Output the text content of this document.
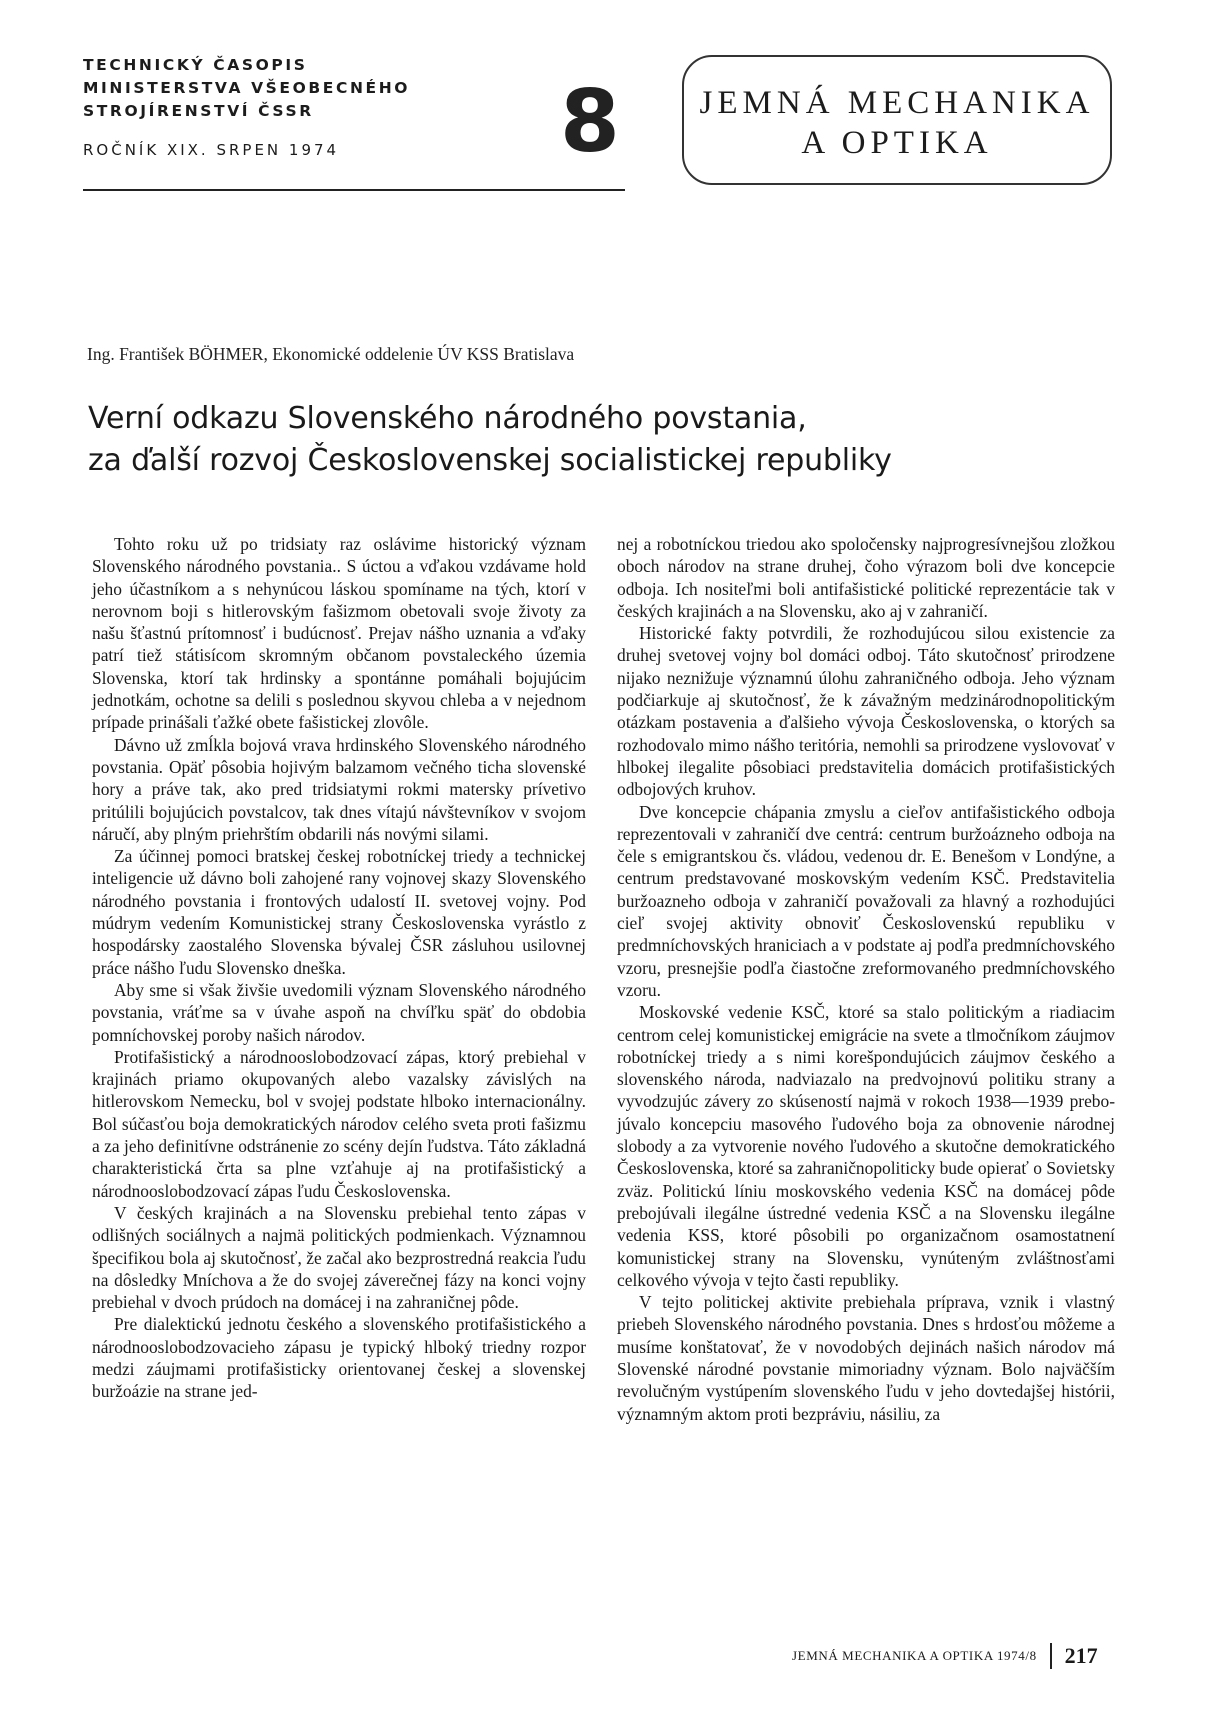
TECHNICKÝ ČASOPIS
MINISTERSTVA VŠEOBECNÉHO
STROJÍRENSTVÍ ČSSR
ROČNÍK XIX. SRPEN 1974	8	JEMNÁ MECHANIKA
A OPTIKA
Ing. František BÖHMER, Ekonomické oddelenie ÚV KSS Bratislava
Verní odkazu Slovenského národného povstania,
za ďalší rozvoj Československej socialistickej republiky

Tohto roku už po tridsiaty raz oslávime historický význam Slovenského národného povstania.. S úctou a vďakou vzdávame hold jeho účastníkom a s nehynúcou láskou spomíname na tých, ktorí v nerovnom boji s hitlerovským fašizmom obetovali svoje životy za našu šťastnú prítomnosť i budúcnosť. Prejav nášho uznania a vďaky patrí tiež státisícom skromným občanom povstaleckého územia Slovenska, ktorí tak hrdinsky a spontánne pomáhali bojujúcim jednotkám, ochotne sa delili s poslednou skyvou chleba a v nejednom prípade prinášali ťažké obete fašistickej zlovôle.

Dávno už zmĺkla bojová vrava hrdinského Slovenského národného povstania. Opäť pôsobia hojivým balzamom večného ticha slovenské hory a práve tak, ako pred tridsiatymi rokmi matersky prívetivo pritúlili bojujúcich povstalcov, tak dnes vítajú návštevníkov v svojom náručí, aby plným priehrštím obdarili nás novými silami.

Za účinnej pomoci bratskej českej robotníckej triedy a technickej inteligencie už dávno boli zahojené rany vojnovej skazy Slovenského národného povstania i frontových udalostí II. svetovej vojny. Pod múdrym vedením Komunistickej strany Československa vyrástlo z hospodársky zaostalého Slovenska bývalej ČSR zásluhou usilovnej práce nášho ľudu Slovensko dneška.

Aby sme si však živšie uvedomili význam Slovenského národného povstania, vráťme sa v úvahe aspoň na chvíľku späť do obdobia pomníchovskej poroby našich národov.

Protifašistický a národnooslobodzovací zápas, ktorý prebiehal v krajinách priamo okupovaných alebo vazalsky závislých na hitlerovskom Nemecku, bol v svojej podstate hlboko internacionálny. Bol súčasťou boja demokratických národov celého sveta proti fašizmu a za jeho definitívne odstránenie zo scény dejín ľudstva. Táto základná charakteristická črta sa plne vzťahuje aj na protifašistický a národnooslobodzovací zápas ľudu Československa.

V českých krajinách a na Slovensku prebiehal tento zápas v odlišných sociálnych a najmä politických podmienkach. Významnou špecifikou bola aj skutočnosť, že začal ako bezprostredná reakcia ľudu na dôsledky Mníchova a že do svojej záverečnej fázy na konci vojny prebiehal v dvoch prúdoch na domácej i na zahraničnej pôde.

Pre dialektickú jednotu českého a slovenského protifašistického a národnooslobodzovacieho zápasu je typický hlboký triedny rozpor medzi záujmami protifašisticky orientovanej českej a slovenskej buržoázie na strane jed-

nej a robotníckou triedou ako spoločensky najprogresívnejšou zložkou oboch národov na strane druhej, čoho výrazom boli dve koncepcie odboja. Ich nositeľmi boli antifašistické politické reprezentácie tak v českých krajinách a na Slovensku, ako aj v zahraničí.

Historické fakty potvrdili, že rozhodujúcou silou existencie za druhej svetovej vojny bol domáci odboj. Táto skutočnosť prirodzene nijako neznižuje významnú úlohu zahraničného odboja. Jeho význam podčiarkuje aj skutočnosť, že k závažným medzinárodnopolitickým otázkam postavenia a ďalšieho vývoja Československa, o ktorých sa rozhodovalo mimo nášho teritória, nemohli sa prirodzene vyslovovať v hlbokej ilegalite pôsobiaci predstavitelia domácich protifašistických odbojových kruhov.

Dve koncepcie chápania zmyslu a cieľov antifašistického odboja reprezentovali v zahraničí dve centrá: centrum buržoázneho odboja na čele s emigrantskou čs. vládou, vedenou dr. E. Benešom v Londýne, a centrum predstavované moskovským vedením KSČ. Predstavitelia buržoazneho odboja v zahraničí považovali za hlavný a rozhodujúci cieľ svojej aktivity obnoviť Československú republiku v predmníchovských hraniciach a v podstate aj podľa predmníchovského vzoru, presnejšie podľa čiastočne zreformovaného predmníchovského vzoru.

Moskovské vedenie KSČ, ktoré sa stalo politickým a riadiacim centrom celej komunistickej emigrácie na svete a tlmočníkom záujmov robotníckej triedy a s nimi korešpondujúcich záujmov českého a slovenského národa, nadviazalo na predvojnovú politiku strany a vyvodzujúc závery zo skúseností najmä v rokoch 1938—1939 prebojúvalo koncepciu masového ľudového boja za obnovenie národnej slobody a za vytvorenie nového ľudového a skutočne demokratického Československa, ktoré sa zahraničnopoliticky bude opierať o Sovietsky zväz. Politickú líniu moskovského vedenia KSČ na domácej pôde prebojúvali ilegálne ústredné vedenia KSČ a na Slovensku ilegálne vedenia KSS, ktoré pôsobili po organizačnom osamostatnení komunistickej strany na Slovensku, vynúteným zvláštnosťami celkového vývoja v tejto časti republiky.

V tejto politickej aktivite prebiehala príprava, vznik i vlastný priebeh Slovenského národného povstania. Dnes s hrdosťou môžeme a musíme konštatovať, že v novodobých dejinách našich národov má Slovenské národné povstanie mimoriadny význam. Bolo najväčším revolučným vystúpením slovenského ľudu v jeho dovtedajšej histórii, významným aktom proti bezpráviu, násiliu, za

JEMNÁ MECHANIKA A OPTIKA 1974/8 217
